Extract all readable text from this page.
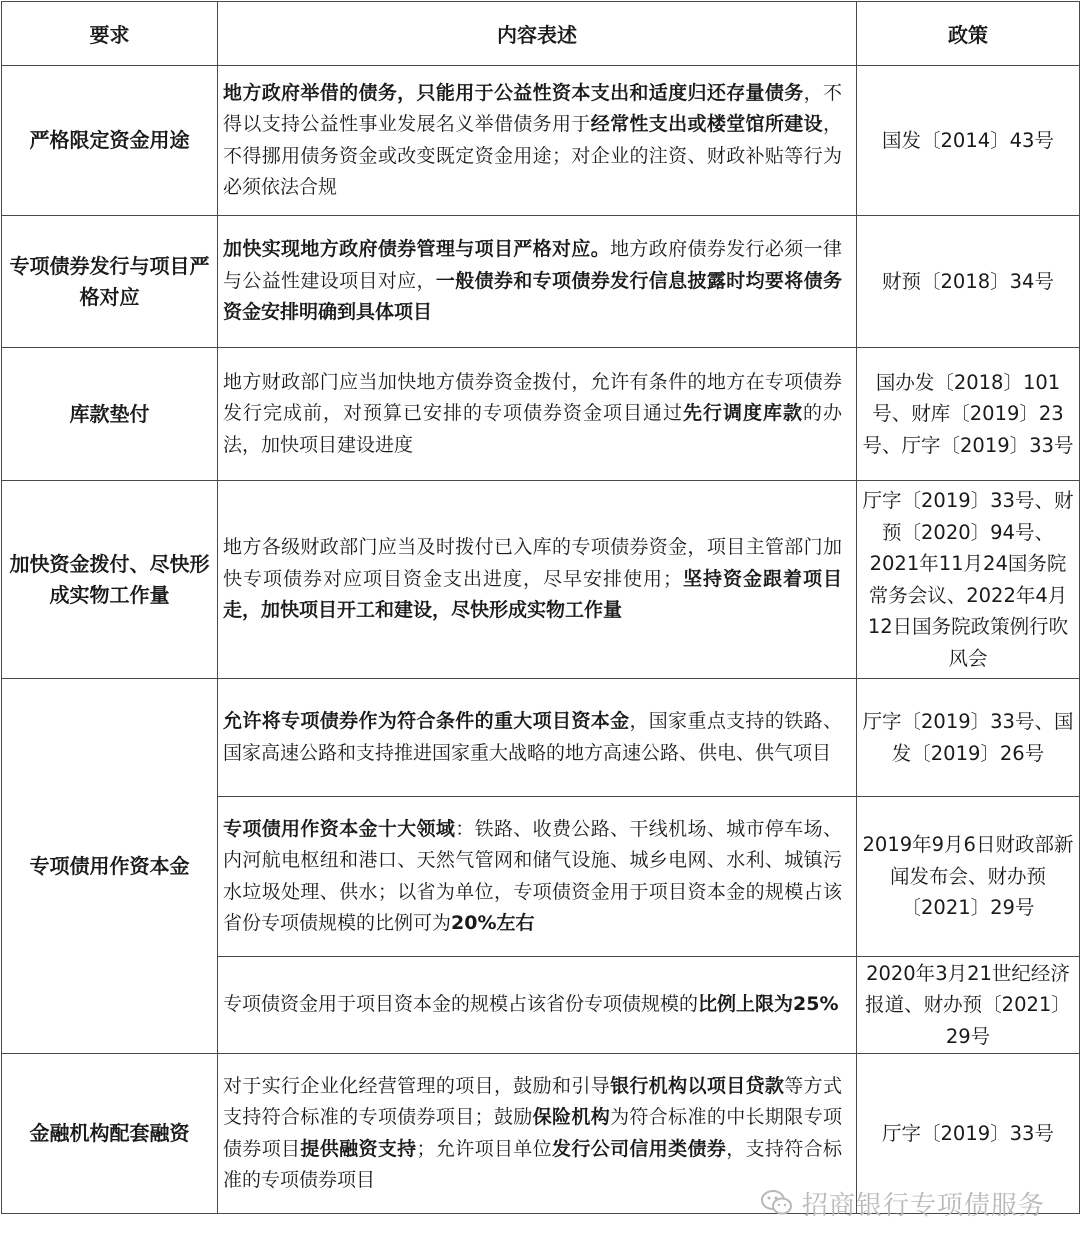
要求	内容表述	政策
严格限定资金用途	地方政府举借的债务，只能用于公益性资本支出和适度归还存量债务，不得以支持公益性事业发展名义举借债务用于经常性支出或楼堂馆所建设，不得挪用债务资金或改变既定资金用途；对企业的注资、财政补贴等行为必须依法合规	国发〔2014〕43号
专项债券发行与项目严格对应	加快实现地方政府债券管理与项目严格对应。地方政府债券发行必须一律与公益性建设项目对应，一般债券和专项债券发行信息披露时均要将债务资金安排明确到具体项目	财预〔2018〕34号
库款垫付	地方财政部门应当加快地方债券资金拨付，允许有条件的地方在专项债券发行完成前，对预算已安排的专项债券资金项目通过先行调度库款的办法，加快项目建设进度	国办发〔2018〕101号、财库〔2019〕23号、厅字〔2019〕33号
加快资金拨付、尽快形成实物工作量	地方各级财政部门应当及时拨付已入库的专项债券资金，项目主管部门加快专项债券对应项目资金支出进度，尽早安排使用；坚持资金跟着项目走，加快项目开工和建设，尽快形成实物工作量	厅字〔2019〕33号、财预〔2020〕94号、2021年11月24国务院常务会议、2022年4月12日国务院政策例行吹风会
专项债用作资本金	允许将专项债券作为符合条件的重大项目资本金，国家重点支持的铁路、国家高速公路和支持推进国家重大战略的地方高速公路、供电、供气项目	厅字〔2019〕33号、国发〔2019〕26号
	专项债用作资本金十大领域：铁路、收费公路、干线机场、城市停车场、内河航电枢纽和港口、天然气管网和储气设施、城乡电网、水利、城镇污水垃圾处理、供水；以省为单位，专项债资金用于项目资本金的规模占该省份专项债规模的比例可为20%左右	2019年9月6日财政部新闻发布会、财办预〔2021〕29号
	专项债资金用于项目资本金的规模占该省份专项债规模的比例上限为25%	2020年3月21世纪经济报道、财办预〔2021〕29号
金融机构配套融资	对于实行企业化经营管理的项目，鼓励和引导银行机构以项目贷款等方式支持符合标准的专项债券项目；鼓励保险机构为符合标准的中长期限专项债券项目提供融资支持；允许项目单位发行公司信用类债券，支持符合标准的专项债券项目	厅字〔2019〕33号
招商银行专项债服务
